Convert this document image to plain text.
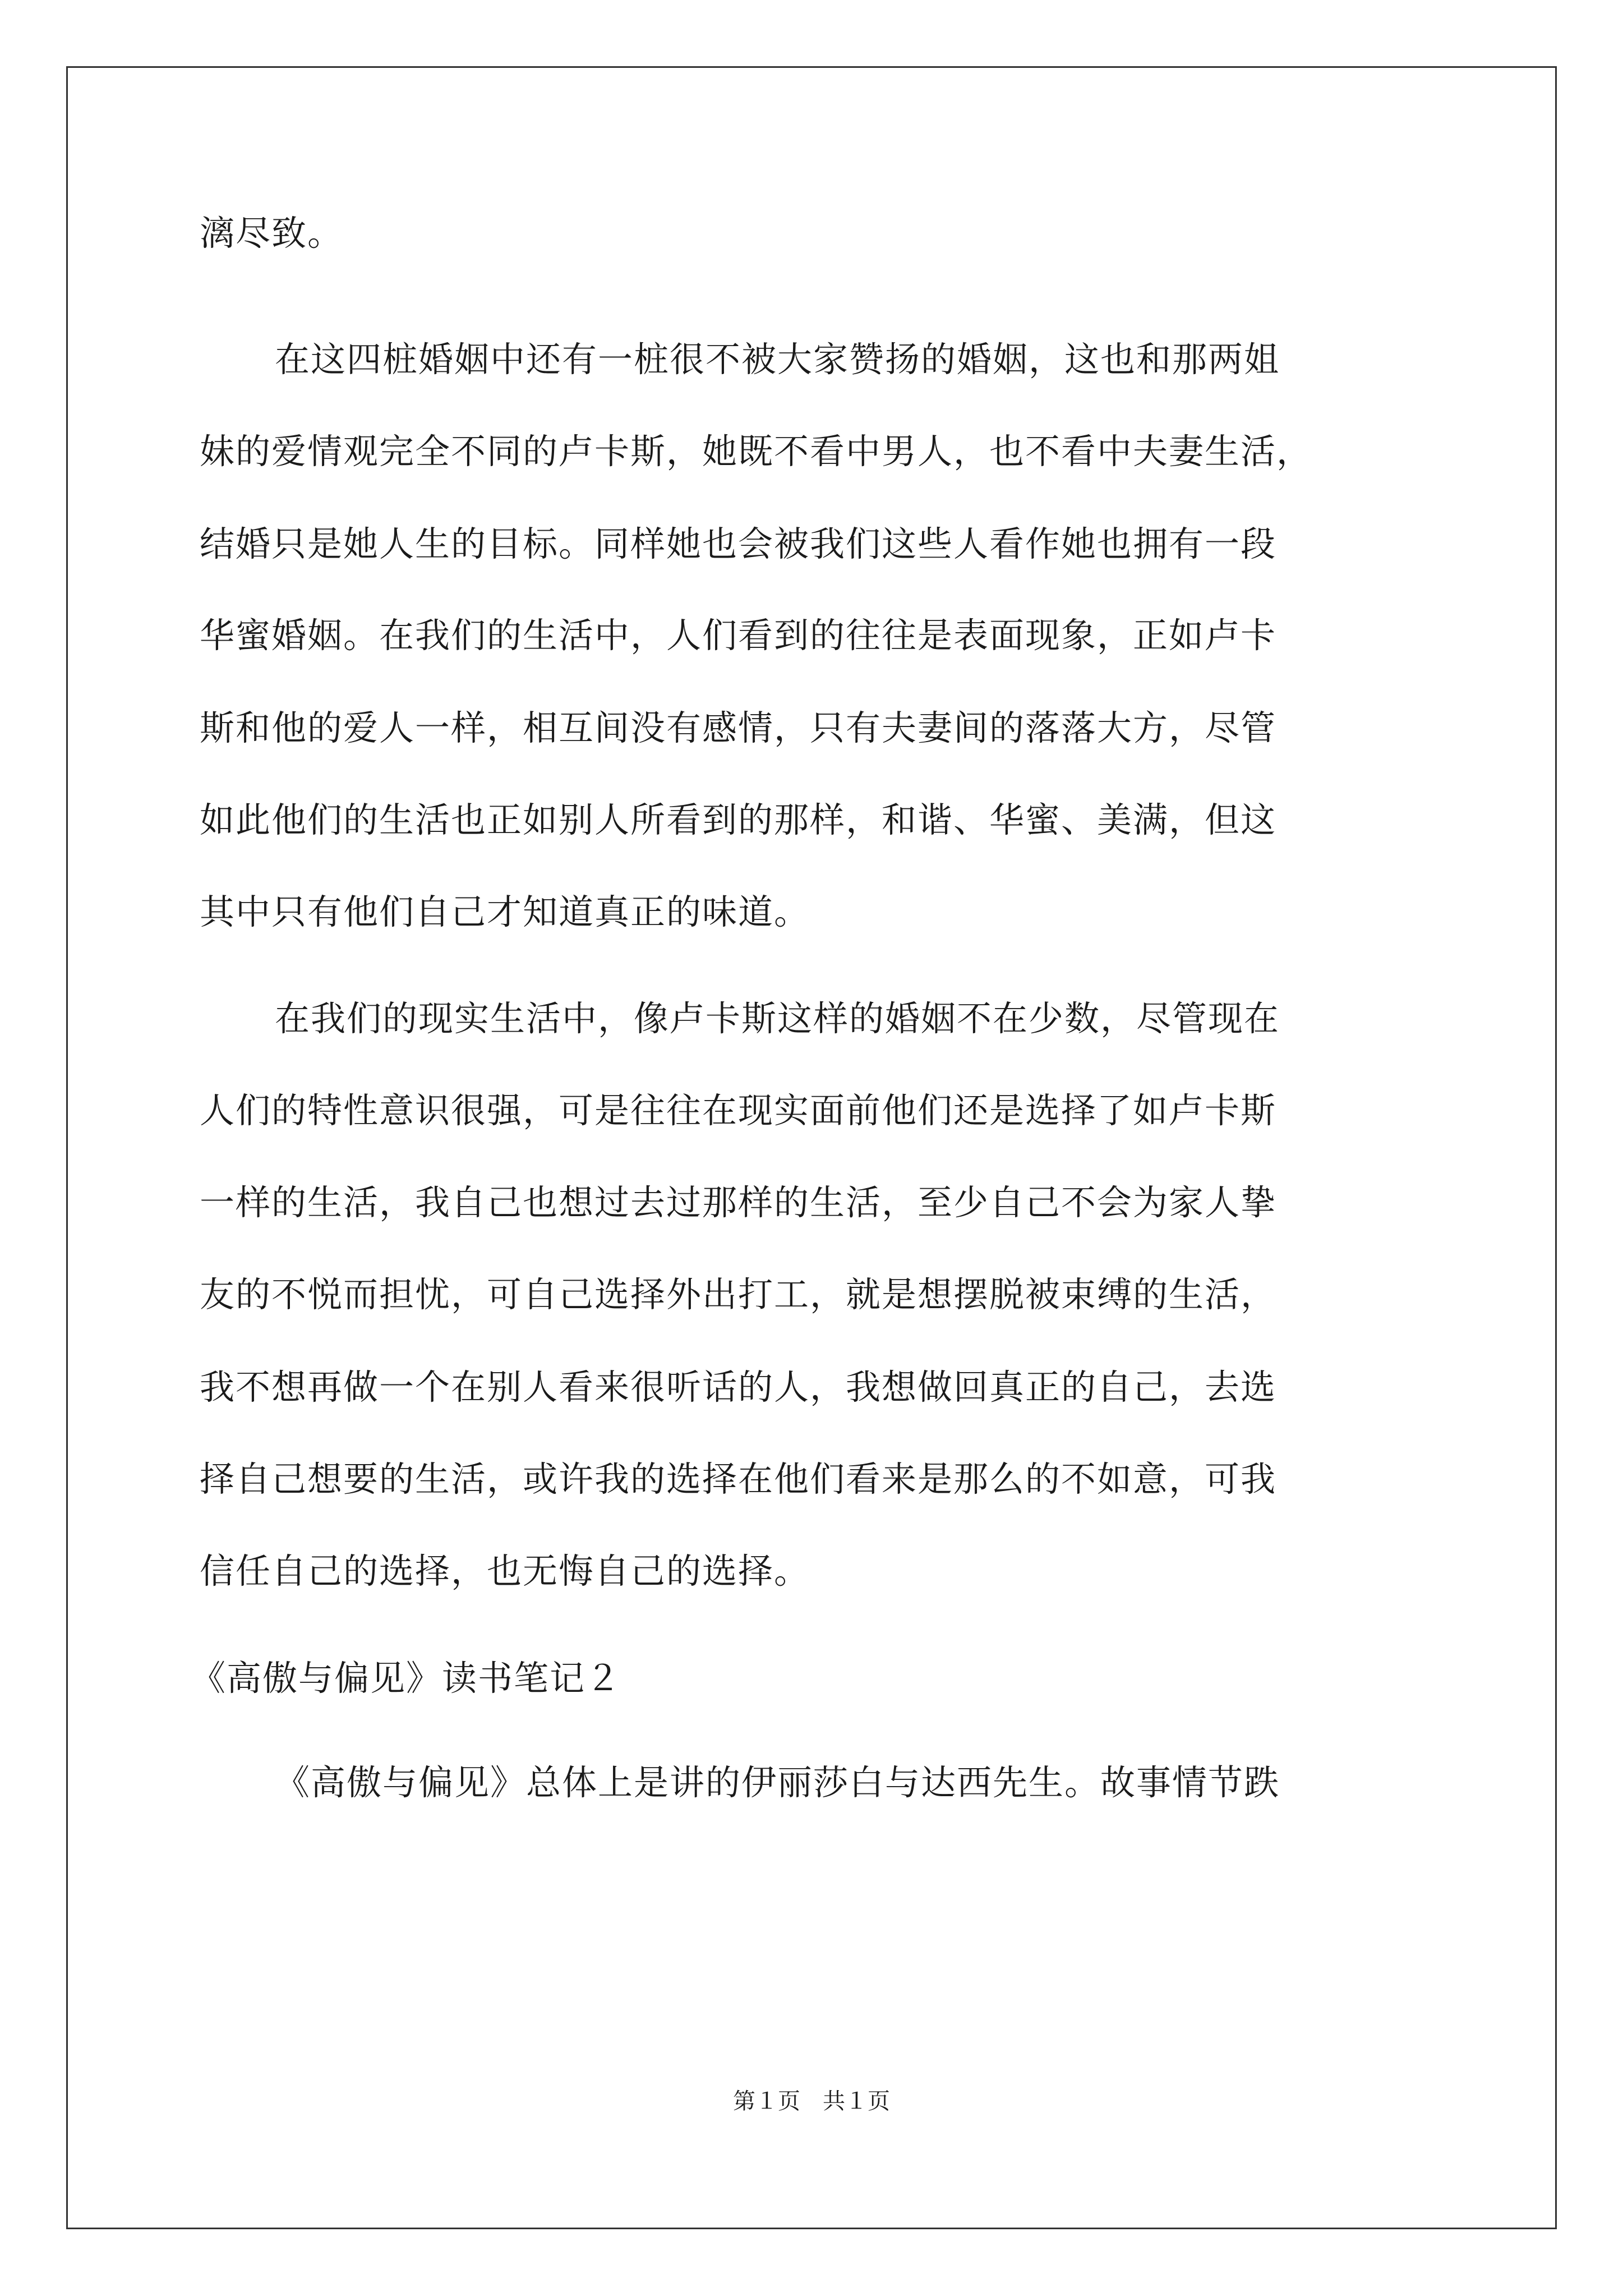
漓尽致。
在这四桩婚姻中还有一桩很不被大家赞扬的婚姻，这也和那两姐
妹的爱情观完全不同的卢卡斯，她既不看中男人，也不看中夫妻生活，
结婚只是她人生的目标。同样她也会被我们这些人看作她也拥有一段
华蜜婚姻。在我们的生活中，人们看到的往往是表面现象，正如卢卡
斯和他的爱人一样，相互间没有感情，只有夫妻间的落落大方，尽管
如此他们的生活也正如别人所看到的那样，和谐、华蜜、美满，但这
其中只有他们自己才知道真正的味道。
在我们的现实生活中，像卢卡斯这样的婚姻不在少数，尽管现在
人们的特性意识很强，可是往往在现实面前他们还是选择了如卢卡斯
一样的生活，我自己也想过去过那样的生活，至少自己不会为家人挚
友的不悦而担忧，可自己选择外出打工，就是想摆脱被束缚的生活，
我不想再做一个在别人看来很听话的人，我想做回真正的自己，去选
择自己想要的生活，或许我的选择在他们看来是那么的不如意，可我
信任自己的选择，也无悔自己的选择。
《高傲与偏见》读书笔记２
《高傲与偏见》总体上是讲的伊丽莎白与达西先生。故事情节跌
第１页　共１页
